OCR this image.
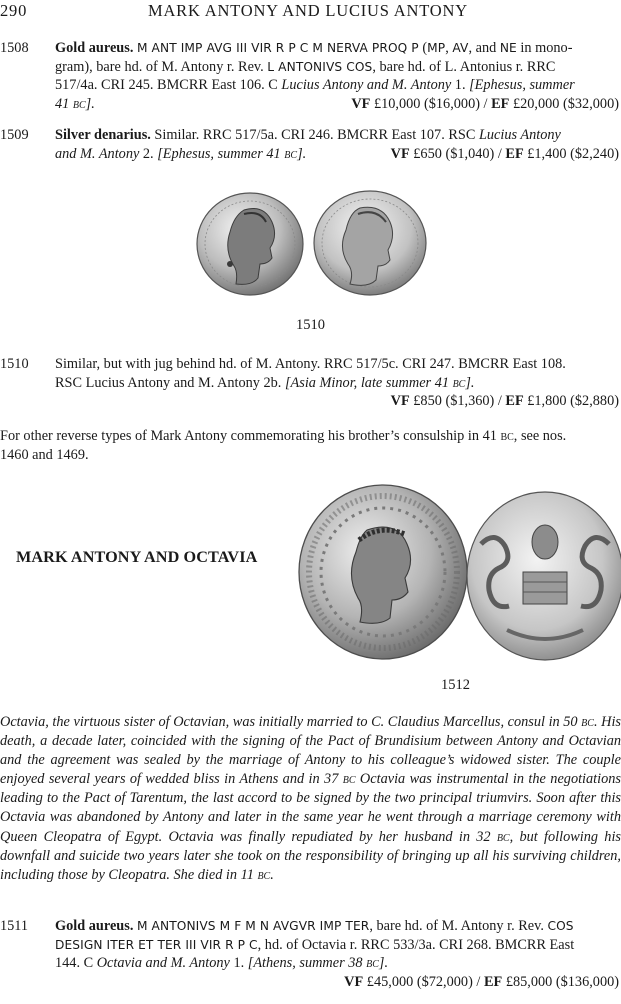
290	MARK ANTONY AND LUCIUS ANTONY
1508	Gold aureus. M ANT IMP AVG III VIR R P C M NERVA PROQ P (MP, AV, and NE in mono-
gram), bare hd. of M. Antony r. Rev. L ANTONIVS COS, bare hd. of L. Antonius r. RRC
517/4a. CRI 245. BMCRR East 106. C Lucius Antony and M. Antony 1. [Ephesus, summer
41 bc].	VF £10,000 ($16,000) / EF £20,000 ($32,000)
1509	Silver denarius. Similar. RRC 517/5a. CRI 246. BMCRR East 107. RSC Lucius Antony
and M. Antony 2. [Ephesus, summer 41 bc].	VF £650 ($1,040) / EF £1,400 ($2,240)
1510
1510	Similar, but with jug behind hd. of M. Antony. RRC 517/5c. CRI 247. BMCRR East 108.
RSC Lucius Antony and M. Antony 2b. [Asia Minor, late summer 41 bc].
VF £850 ($1,360) / EF £1,800 ($2,880)
For other reverse types of Mark Antony commemorating his brother’s consulship in 41 bc, see nos.
1460 and 1469.
MARK ANTONY AND OCTAVIA
1512
Octavia, the virtuous sister of Octavian, was initially married to C. Claudius Marcellus, consul in 50 bc. His death, a decade later, coincided with the signing of the Pact of Brundisium between Antony and Octavian and the agreement was sealed by the marriage of Antony to his colleague’s widowed sister. The couple enjoyed several years of wedded bliss in Athens and in 37 bc Octavia was instrumental in the negotiations leading to the Pact of Tarentum, the last accord to be signed by the two principal triumvirs. Soon after this Octavia was abandoned by Antony and later in the same year he went through a marriage ceremony with Queen Cleopatra of Egypt. Octavia was finally repudiated by her husband in 32 bc, but following his downfall and suicide two years later she took on the responsibility of bringing up all his surviving children, including those by Cleopatra. She died in 11 bc.
1511	Gold aureus. M ANTONIVS M F M N AVGVR IMP TER, bare hd. of M. Antony r. Rev. COS
DESIGN ITER ET TER III VIR R P C, hd. of Octavia r. RRC 533/3a. CRI 268. BMCRR East
144. C Octavia and M. Antony 1. [Athens, summer 38 bc].
VF £45,000 ($72,000) / EF £85,000 ($136,000)
